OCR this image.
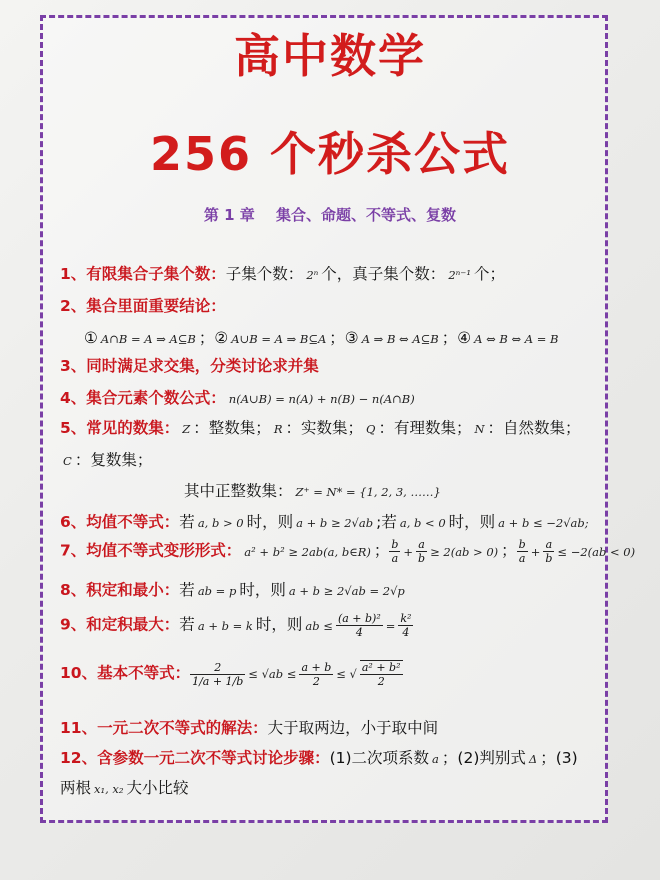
高中数学
256 个秒杀公式
第 1 章 集合、命题、不等式、复数
1、有限集合子集个数：子集个数： 2ⁿ 个，真子集个数： 2ⁿ⁻¹ 个；
2、集合里面重要结论：
① A∩B = A ⇒ A⊆B ；② A∪B = A ⇒ B⊆A ；③ A ⇒ B ⇔ A⊆B ；④ A ⇔ B ⇔ A = B
3、同时满足求交集，分类讨论求并集
4、集合元素个数公式： n(A∪B) = n(A) + n(B) − n(A∩B)
5、常见的数集： Z ：整数集； R ：实数集； Q ：有理数集； N ：自然数集；
C ：复数集；
其中正整数集： Z⁺ = N* = {1, 2, 3, ……}
6、均值不等式：若 a, b > 0 时，则 a + b ≥ 2√ab ;若 a, b < 0 时，则 a + b ≤ −2√ab;
7、均值不等式变形形式： a² + b² ≥ 2ab(a, b∈R) ； $\frac{b}{a} + \frac{a}{b} \ge 2(ab > 0)$ ； $\frac{b}{a} + \frac{a}{b} \le -2(ab < 0)$
8、积定和最小：若 ab = p 时，则 a + b ≥ 2√ab = 2√p
9、和定积最大：若 a + b = k 时，则 ab ≤ $\frac{\text{(a + b)²}}{4} = \frac{\text{k²}}{4}$
10、基本不等式： $\frac{2}{1/a + 1/b} \le √ab \le \frac{a + b}{2}$ ≤ √ $\frac{\text{a² + b²}}{2}$
11、一元二次不等式的解法：大于取两边，小于取中间
12、含参数一元二次不等式讨论步骤：(1)二次项系数 a ；(2)判别式 Δ ；(3)
两根 x₁, x₂ 大小比较
